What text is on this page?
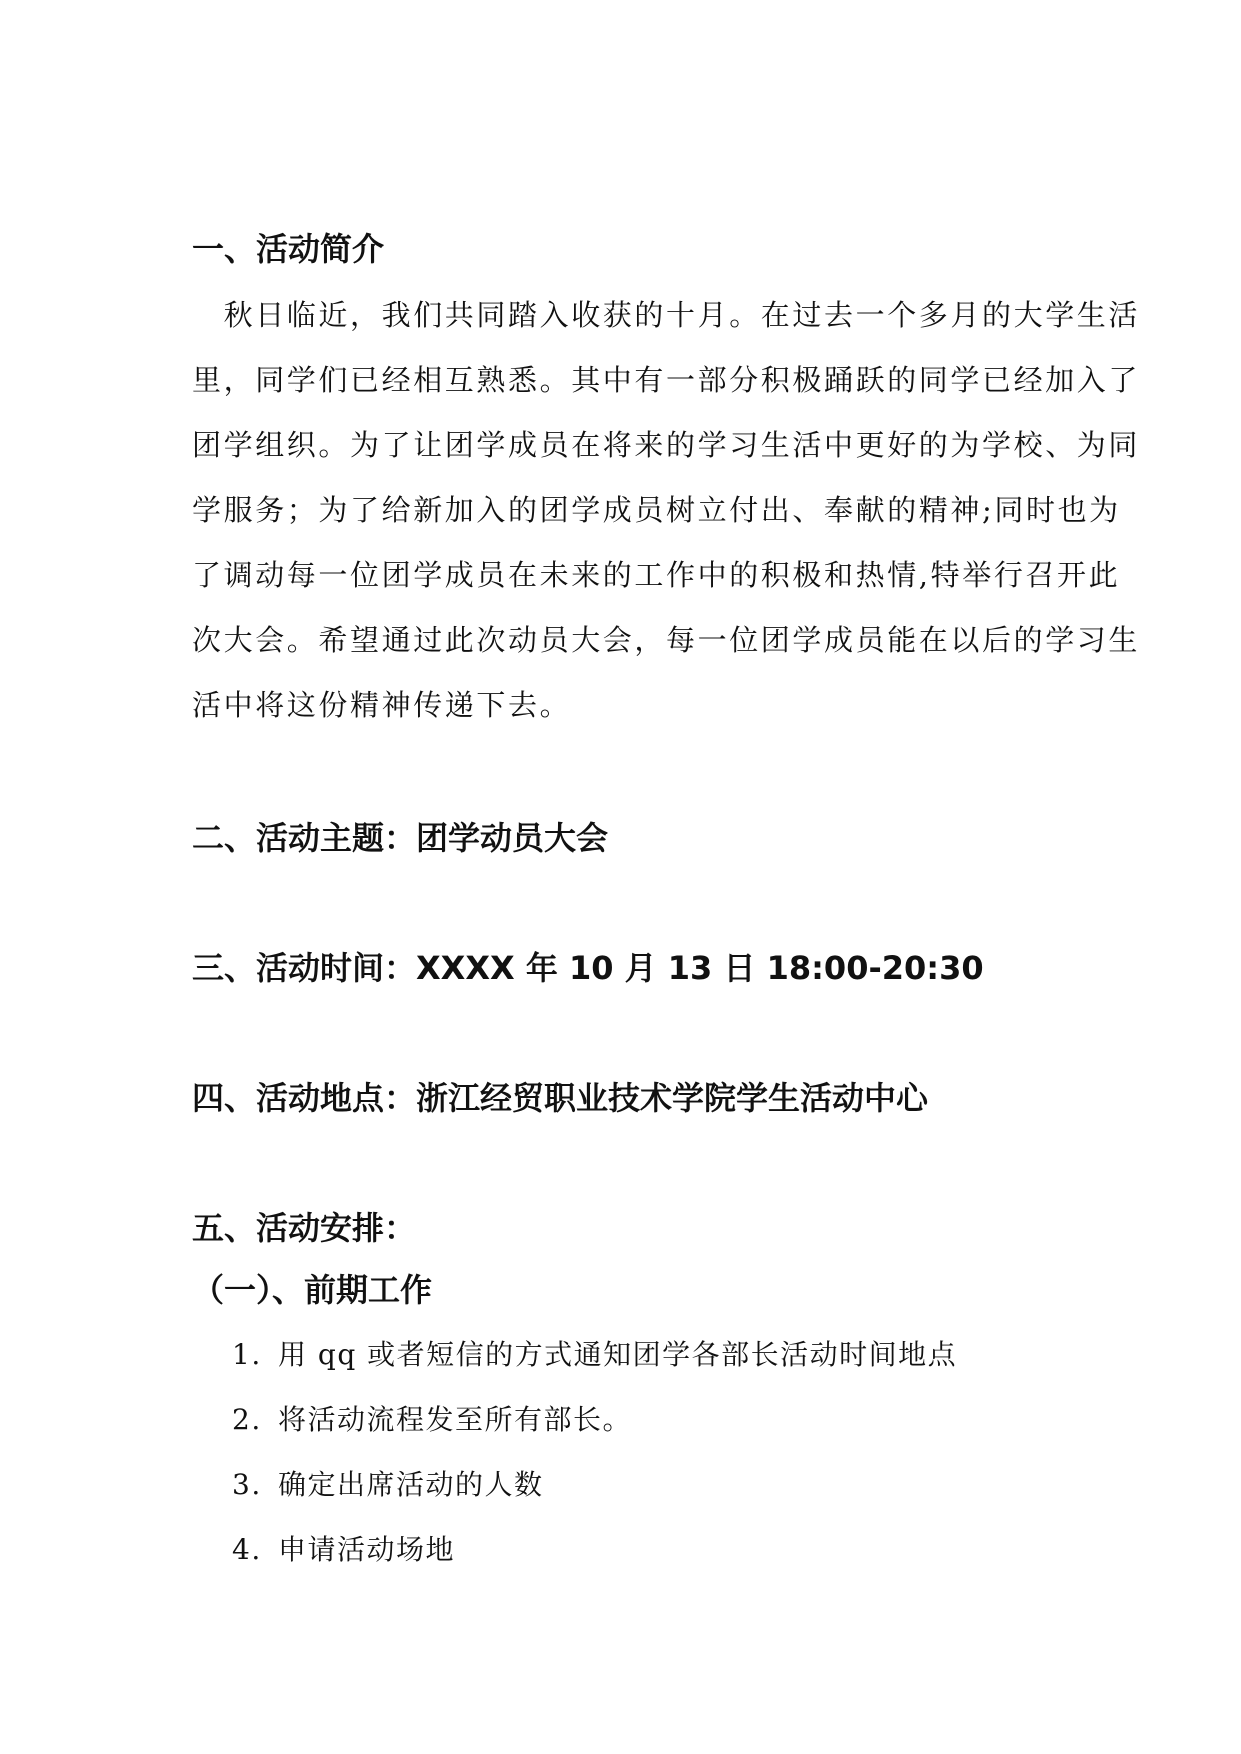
一、活动简介
　秋日临近，我们共同踏入收获的十月。在过去一个多月的大学生活
里，同学们已经相互熟悉。其中有一部分积极踊跃的同学已经加入了
团学组织。为了让团学成员在将来的学习生活中更好的为学校、为同
学服务；为了给新加入的团学成员树立付出、奉献的精神;同时也为
了调动每一位团学成员在未来的工作中的积极和热情,特举行召开此
次大会。希望通过此次动员大会，每一位团学成员能在以后的学习生
活中将这份精神传递下去。
二、活动主题：团学动员大会
三、活动时间：XXXX 年 10 月 13 日 18:00-20:30
四、活动地点：浙江经贸职业技术学院学生活动中心
五、活动安排：
（一）、前期工作
1. 用 qq 或者短信的方式通知团学各部长活动时间地点
2. 将活动流程发至所有部长。
3. 确定出席活动的人数
4. 申请活动场地
